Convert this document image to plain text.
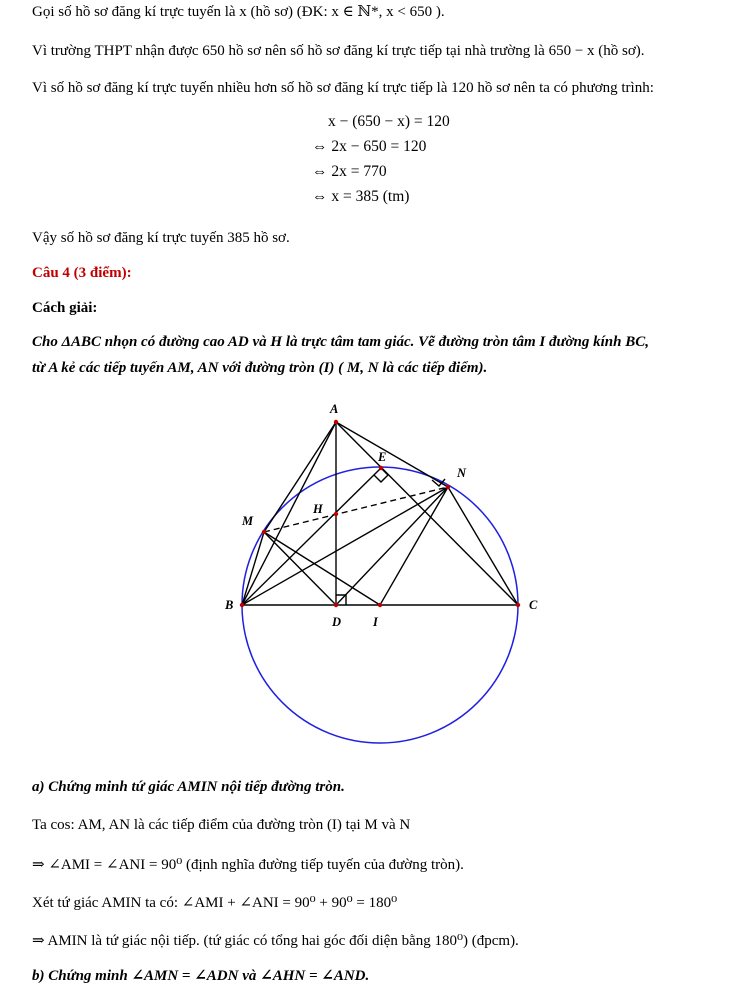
Gọi số hồ sơ đăng kí trực tuyến là x (hồ sơ) (ĐK: x ∈ ℕ*, x < 650 ).
Vì trường THPT nhận được 650 hồ sơ nên số hồ sơ đăng kí trực tiếp tại nhà trường là 650 − x (hồ sơ).
Vì số hồ sơ đăng kí trực tuyến nhiều hơn số hồ sơ đăng kí trực tiếp là 120 hồ sơ nên ta có phương trình:
x − (650 − x) = 120
⇔ 2x − 650 = 120
⇔ 2x = 770
⇔ x = 385 (tm)
Vậy số hồ sơ đăng kí trực tuyến 385 hồ sơ.
Câu 4 (3 điểm):
Cách giải:
Cho ΔABC nhọn có đường cao AD và H là trực tâm tam giác. Vẽ đường tròn tâm I đường kính BC,
từ A kẻ các tiếp tuyến AM, AN với đường tròn (I) ( M, N là các tiếp điểm).
A
E
N
M
H
B	C
D	I
a) Chứng minh tứ giác AMIN nội tiếp đường tròn.
Ta cos: AM, AN là các tiếp điểm của đường tròn (I) tại M và N
⇒ ∠AMI = ∠ANI = 90⁰ (định nghĩa đường tiếp tuyến của đường tròn).
Xét tứ giác AMIN ta có: ∠AMI + ∠ANI = 90⁰ + 90⁰ = 180⁰
⇒ AMIN là tứ giác nội tiếp. (tứ giác có tổng hai góc đối diện bằng 180⁰) (đpcm).
b) Chứng minh ∠AMN = ∠ADN và ∠AHN = ∠AND.
